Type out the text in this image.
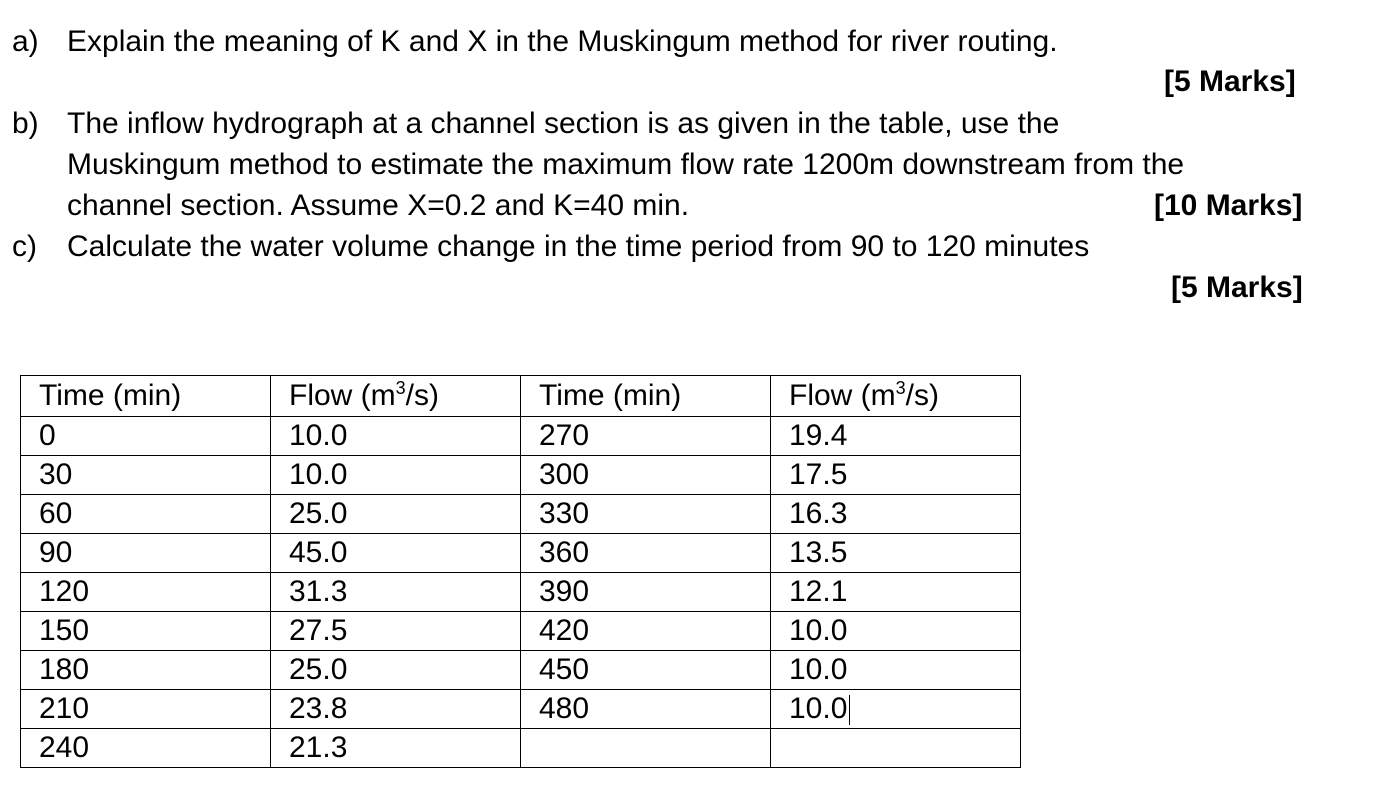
a) Explain the meaning of K and X in the Muskingum method for river routing.
[5 Marks]
b) The inflow hydrograph at a channel section is as given in the table, use the
Muskingum method to estimate the maximum flow rate 1200m downstream from the
channel section. Assume X=0.2 and K=40 min.	[10 Marks]
c) Calculate the water volume change in the time period from 90 to 120 minutes
[5 Marks]
Time (min)	Flow $(m^3/s)$	Time (min)	Flow $(m^3/s)$
0	10.0	270	19.4
30	10.0	300	17.5
60	25.0	330	16.3
90	45.0	360	13.5
120	31.3	390	12.1
150	27.5	420	10.0
180	25.0	450	10.0
210	23.8	480	10.0
240	21.3		
